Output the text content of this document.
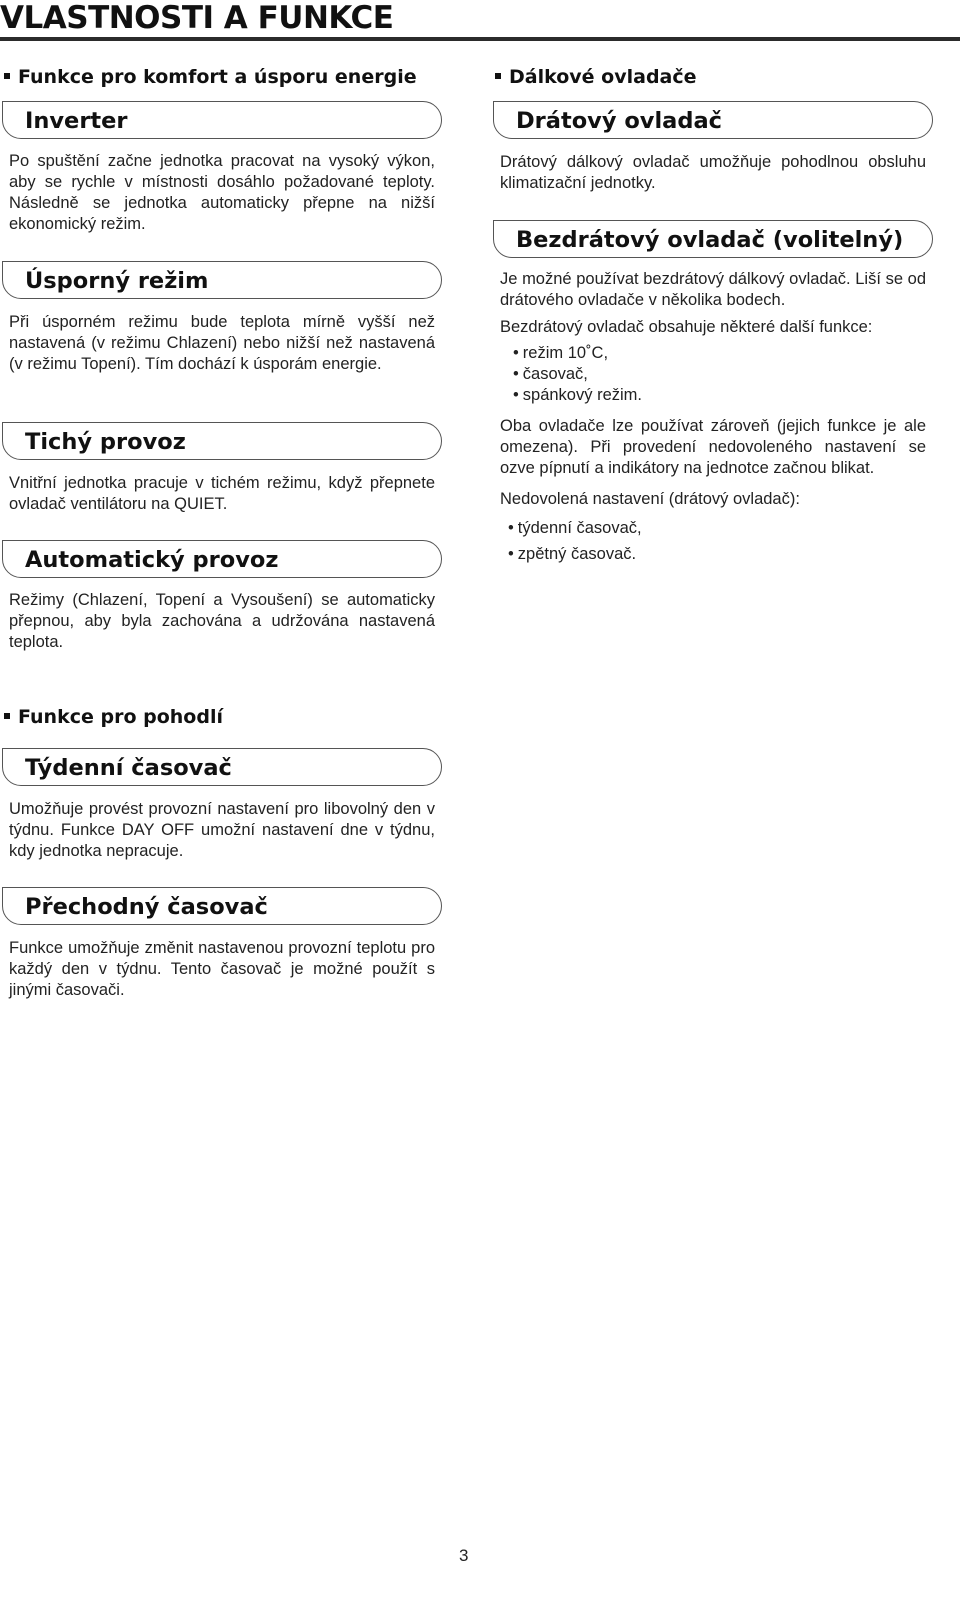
VLASTNOSTI A FUNKCE
Funkce pro komfort a úsporu energie
Inverter

Po spuštění začne jednotka pracovat na vysoký výkon, aby se rychle v místnosti dosáhlo požadované teploty. Následně se jednotka automaticky přepne na nižší ekonomický režim.

Úsporný režim

Při úsporném režimu bude teplota mírně vyšší než nastavená (v režimu Chlazení) nebo nižší než nastavená (v režimu Topení). Tím dochází k úsporám energie.

Tichý provoz

Vnitřní jednotka pracuje v tichém režimu, když přepnete ovladač ventilátoru na QUIET.

Automatický provoz

Režimy (Chlazení, Topení a Vysoušení) se automaticky přepnou, aby byla zachována a udržována nastavená teplota.

Dálkové ovladače
Drátový ovladač

Drátový dálkový ovladač umožňuje pohodlnou obsluhu klimatizační jednotky.

Bezdrátový ovladač (volitelný)

Je možné používat bezdrátový dálkový ovladač. Liší se od drátového ovladače v několika bodech.

Bezdrátový ovladač obsahuje některé další funkce:

• režim 10˚C,
• časovač,
• spánkový režim.

Oba ovladače lze používat zároveň (jejich funkce je ale omezena). Při provedení nedovoleného nastavení se ozve pípnutí a indikátory na jednotce začnou blikat.

Nedovolená nastavení (drátový ovladač):

• týdenní časovač,
• zpětný časovač.
Funkce pro pohodlí
Týdenní časovač

Umožňuje provést provozní nastavení pro libovolný den v týdnu. Funkce DAY OFF umožní nastavení dne v týdnu, kdy jednotka nepracuje.

Přechodný časovač

Funkce umožňuje změnit nastavenou provozní teplotu pro každý den v týdnu. Tento časovač je možné použít s jinými časovači.

3
